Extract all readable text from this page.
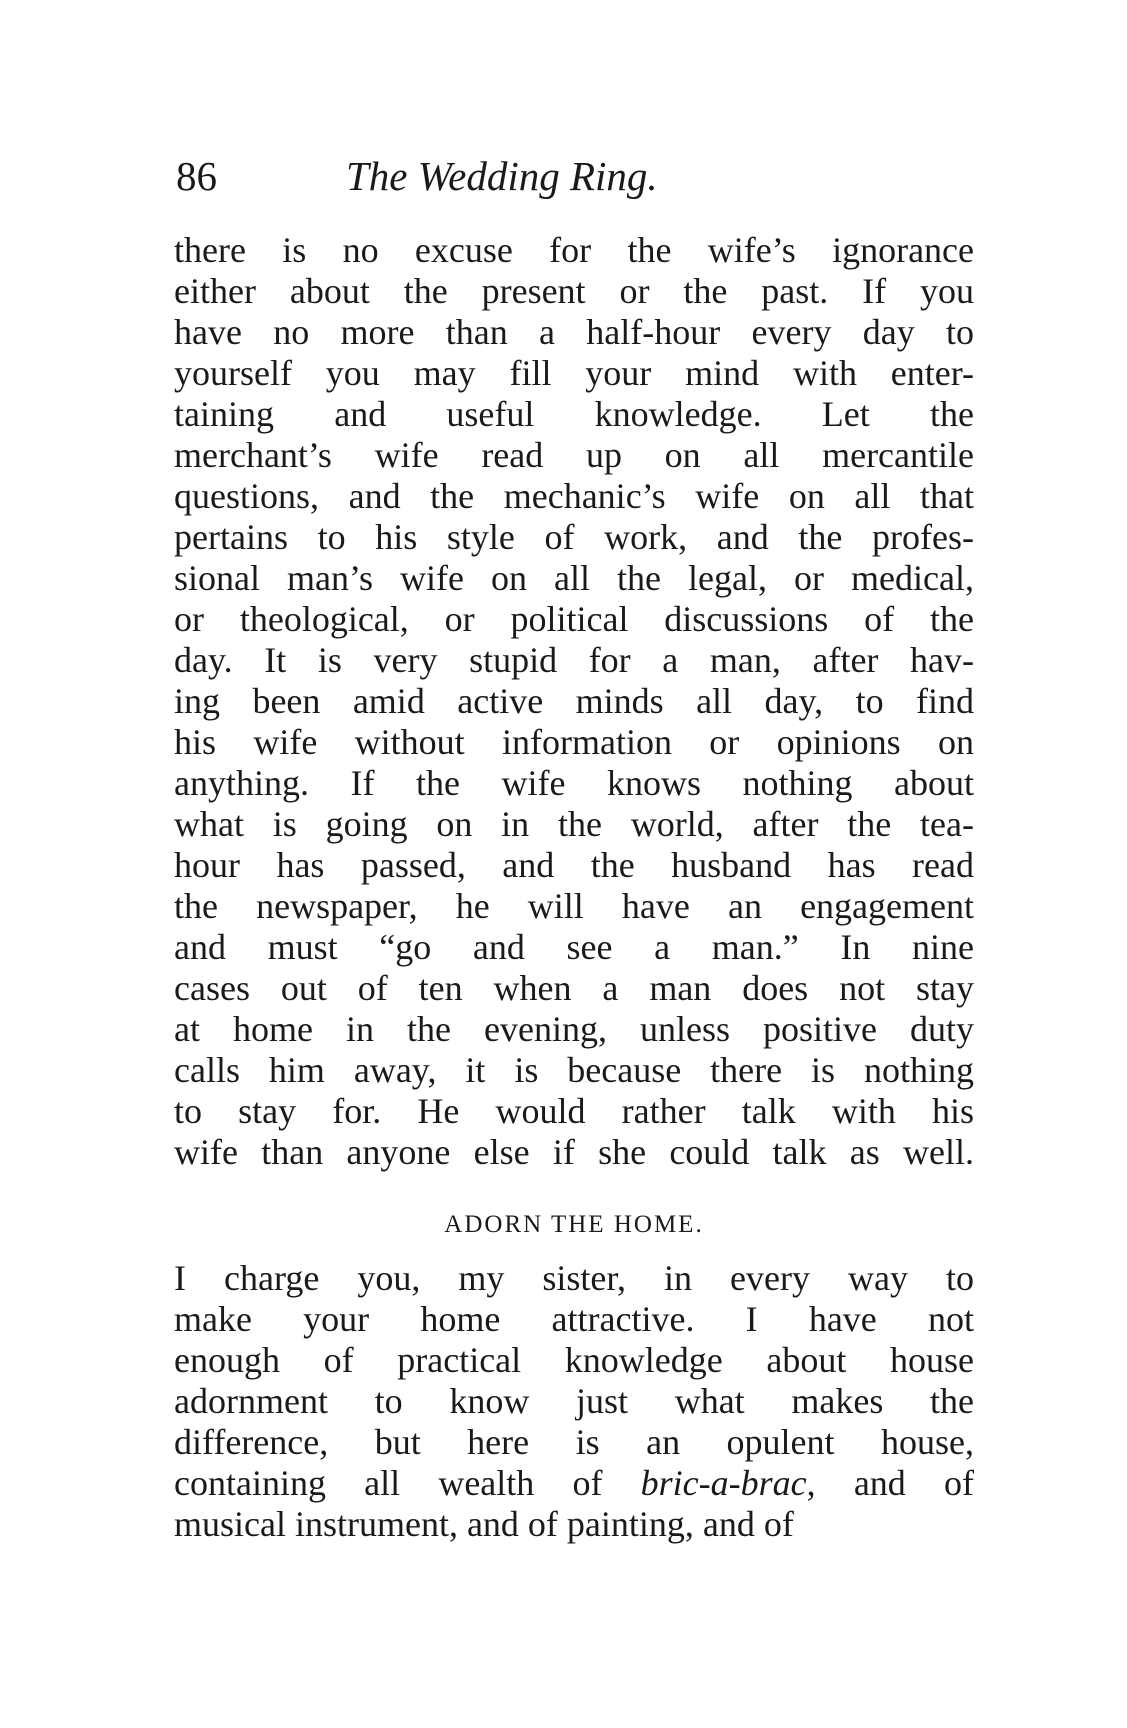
86	The Wedding Ring.
there is no excuse for the wife’s ignorance
either about the present or the past. If you
have no more than a half-hour every day to
yourself you may fill your mind with enter-
taining and useful knowledge. Let the
merchant’s wife read up on all mercantile
questions, and the mechanic’s wife on all that
pertains to his style of work, and the profes-
sional man’s wife on all the legal, or medical,
or theological, or political discussions of the
day. It is very stupid for a man, after hav-
ing been amid active minds all day, to find
his wife without information or opinions on
anything. If the wife knows nothing about
what is going on in the world, after the tea-
hour has passed, and the husband has read
the newspaper, he will have an engagement
and must “go and see a man.” In nine
cases out of ten when a man does not stay
at home in the evening, unless positive duty
calls him away, it is because there is nothing
to stay for. He would rather talk with his
wife than anyone else if she could talk as well.
ADORN THE HOME.
I charge you, my sister, in every way to
make your home attractive. I have not
enough of practical knowledge about house
adornment to know just what makes the
difference, but here is an opulent house,
containing all wealth of bric-a-brac, and of
musical instrument, and of painting, and of
